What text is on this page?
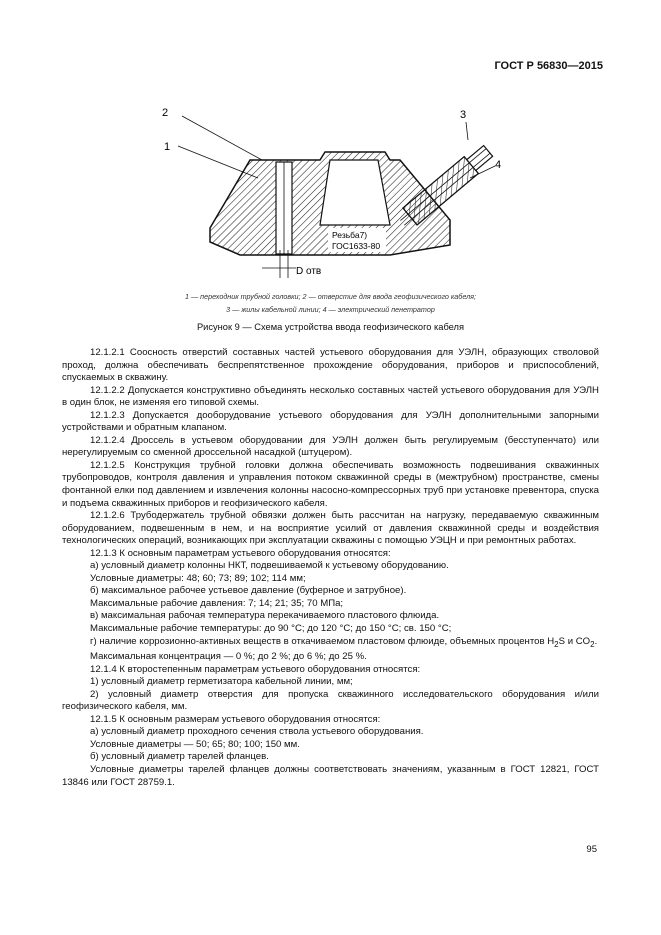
ГОСТ Р 56830—2015
Резьба7)
ГОС1633-80
1
2	3
4
D отв
1 — переходник трубной головки; 2 — отверстие для ввода геофизического кабеля;
3 — жилы кабельной линии; 4 — электрический пенетратор
Рисунок 9 — Схема устройства ввода геофизического кабеля
12.1.2.1 Соосность отверстий составных частей устьевого оборудования для УЭЛН, образующих стволовой проход, должна обеспечивать беспрепятственное прохождение оборудования, приборов и приспособлений, спускаемых в скважину.
12.1.2.2 Допускается конструктивно объединять несколько составных частей устьевого оборудования для УЭЛН в один блок, не изменяя его типовой схемы.
12.1.2.3 Допускается дооборудование устьевого оборудования для УЭЛН дополнительными запорными устройствами и обратным клапаном.
12.1.2.4 Дроссель в устьевом оборудовании для УЭЛН должен быть регулируемым (бесступенчато) или нерегулируемым со сменной дроссельной насадкой (штуцером).
12.1.2.5 Конструкция трубной головки должна обеспечивать возможность подвешивания скважинных трубопроводов, контроля давления и управления потоком скважинной среды в (межтрубном) пространстве, смены фонтанной елки под давлением и извлечения колонны насосно-компрессорных труб при установке превентора, спуска и подъема скважинных приборов и геофизического кабеля.
12.1.2.6 Трубодержатель трубной обвязки должен быть рассчитан на нагрузку, передаваемую скважинным оборудованием, подвешенным в нем, и на восприятие усилий от давления скважинной среды и воздействия технологических операций, возникающих при эксплуатации скважины с помощью УЭЦН и при ремонтных работах.
12.1.3 К основным параметрам устьевого оборудования относятся:
а) условный диаметр колонны НКТ, подвешиваемой к устьевому оборудованию.
Условные диаметры: 48; 60; 73; 89; 102; 114 мм;
б) максимальное рабочее устьевое давление (буферное и затрубное).
Максимальные рабочие давления: 7; 14; 21; 35; 70 МПа;
в) максимальная рабочая температура перекачиваемого пластового флюида.
Максимальные рабочие температуры: до 90 °С; до 120 °С; до 150 °С; св. 150 °С;
г) наличие коррозионно-активных веществ в откачиваемом пластовом флюиде, объемных процентов $H_2S$ и $CO_2$.
Максимальная концентрация — 0 %; до 2 %; до 6 %; до 25 %.
12.1.4 К второстепенным параметрам устьевого оборудования относятся:
1) условный диаметр герметизатора кабельной линии, мм;
2) условный диаметр отверстия для пропуска скважинного исследовательского оборудования и/или геофизического кабеля, мм.
12.1.5 К основным размерам устьевого оборудования относятся:
а) условный диаметр проходного сечения ствола устьевого оборудования.
Условные диаметры — 50; 65; 80; 100; 150 мм.
б) условный диаметр тарелей фланцев.
Условные диаметры тарелей фланцев должны соответствовать значениям, указанным в ГОСТ 12821, ГОСТ 13846 или ГОСТ 28759.1.
95
